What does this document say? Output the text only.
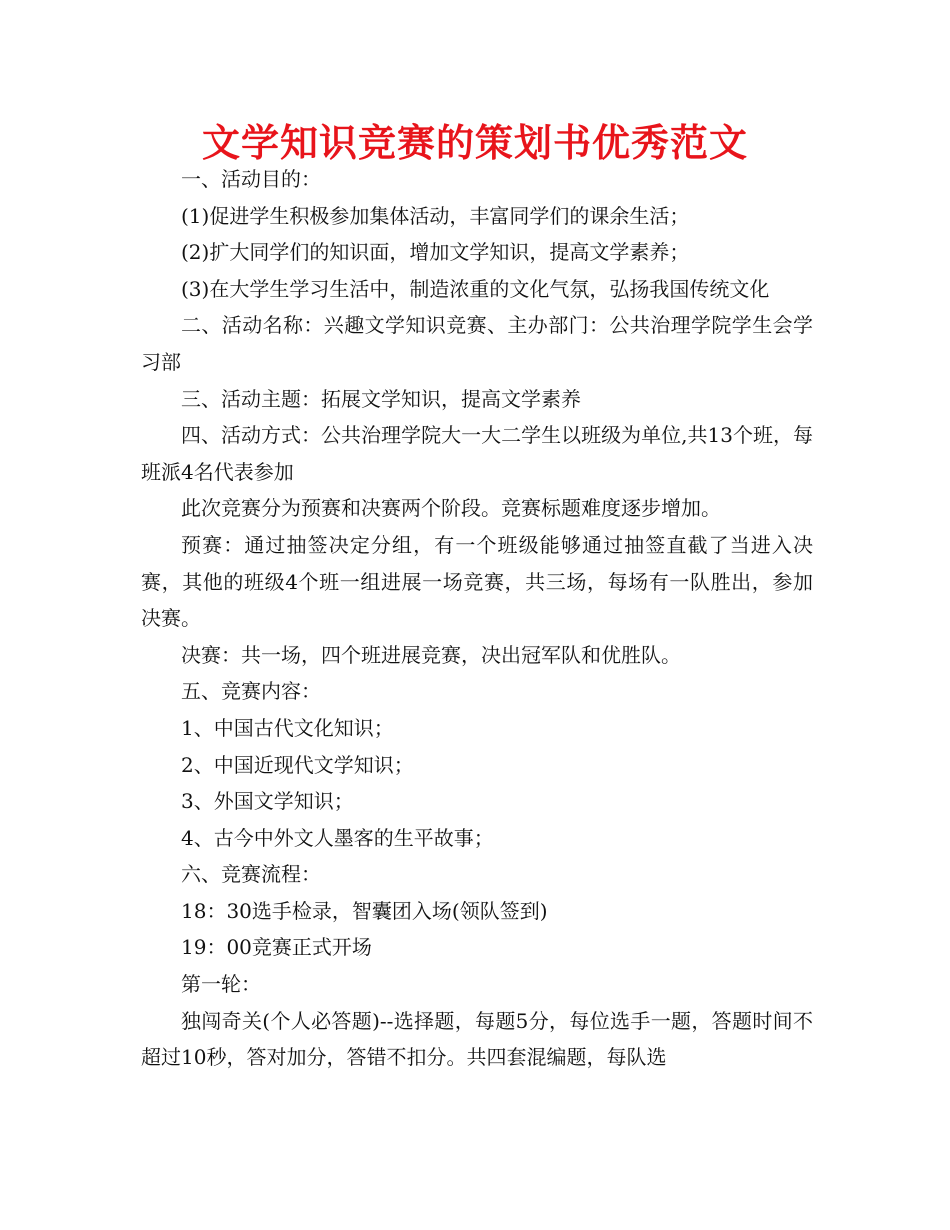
文学知识竞赛的策划书优秀范文

一、活动目的：

(1)促进学生积极参加集体活动，丰富同学们的课余生活；

(2)扩大同学们的知识面，增加文学知识，提高文学素养；

(3)在大学生学习生活中，制造浓重的文化气氛，弘扬我国传统文化

二、活动名称：兴趣文学知识竞赛、主办部门：公共治理学院学生会学习部

三、活动主题：拓展文学知识，提高文学素养

四、活动方式：公共治理学院大一大二学生以班级为单位,共13个班，每班派4名代表参加

此次竞赛分为预赛和决赛两个阶段。竞赛标题难度逐步增加。

预赛：通过抽签决定分组，有一个班级能够通过抽签直截了当进入决赛，其他的班级4个班一组进展一场竞赛，共三场，每场有一队胜出，参加决赛。

决赛：共一场，四个班进展竞赛，决出冠军队和优胜队。

五、竞赛内容：

1、中国古代文化知识；

2、中国近现代文学知识；

3、外国文学知识；

4、古今中外文人墨客的生平故事；

六、竞赛流程：

18：30选手检录，智囊团入场(领队签到)

19：00竞赛正式开场

第一轮：

独闯奇关(个人必答题)--选择题，每题5分，每位选手一题，答题时间不超过10秒，答对加分，答错不扣分。共四套混编题，每队选
